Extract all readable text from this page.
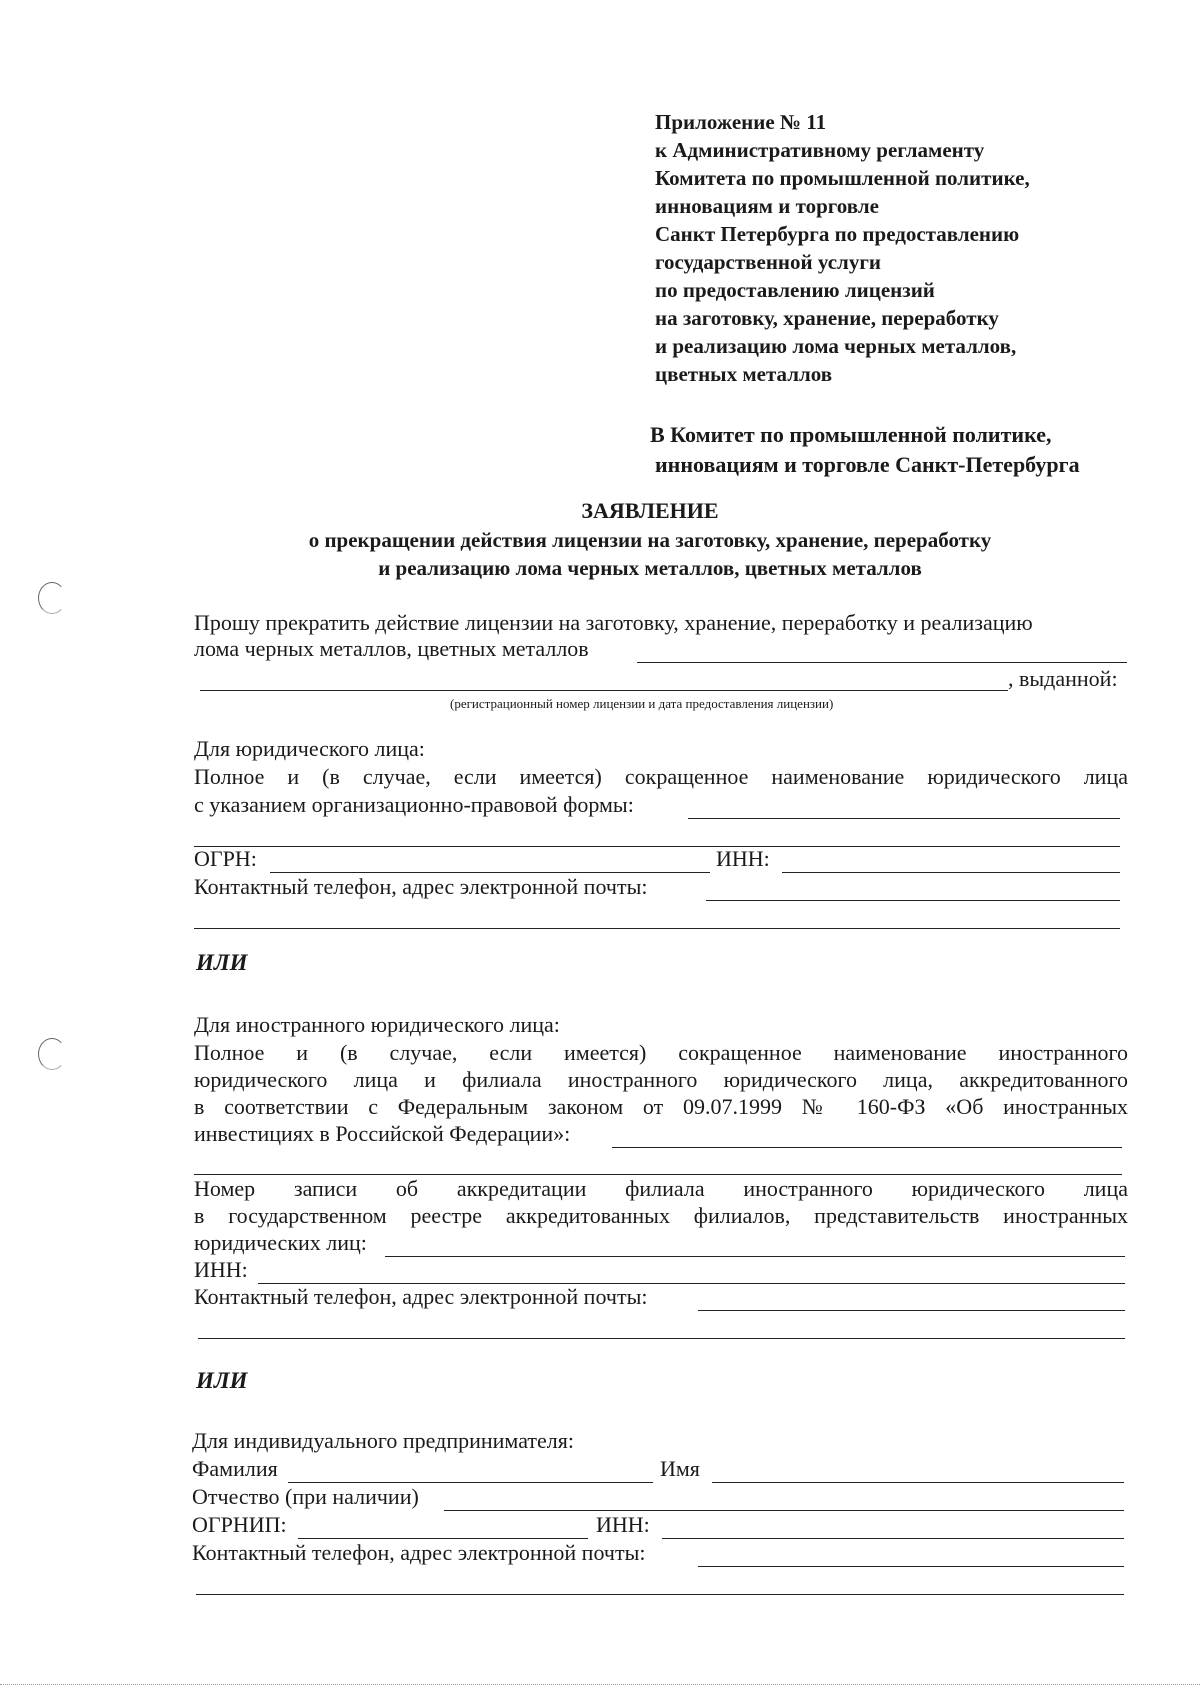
Приложение № 11
к Административному регламенту
Комитета по промышленной политике,
инновациям и торговле
Санкт Петербурга по предоставлению
государственной услуги
по предоставлению лицензий
на заготовку, хранение, переработку
и реализацию лома черных металлов,
цветных металлов
В Комитет по промышленной политике,
инновациям и торговле Санкт-Петербурга
ЗАЯВЛЕНИЕ
о прекращении действия лицензии на заготовку, хранение, переработку
и реализацию лома черных металлов, цветных металлов
Прошу прекратить действие лицензии на заготовку, хранение, переработку и реализацию
лома черных металлов, цветных металлов
, выданной:
(регистрационный номер лицензии и дата предоставления лицензии)
Для юридического лица:
Полное и (в случае, если имеется) сокращенное наименование юридического лица
с указанием организационно-правовой формы:
ОГРН:	ИНН:
Контактный телефон, адрес электронной почты:
ИЛИ
Для иностранного юридического лица:
Полное и (в случае, если имеется) сокращенное наименование иностранного
юридического лица и филиала иностранного юридического лица, аккредитованного
в соответствии с Федеральным законом от 09.07.1999 № 160-ФЗ «Об иностранных
инвестициях в Российской Федерации»:
Номер записи об аккредитации филиала иностранного юридического лица
в государственном реестре аккредитованных филиалов, представительств иностранных
юридических лиц:
ИНН:
Контактный телефон, адрес электронной почты:
ИЛИ
Для индивидуального предпринимателя:
Фамилия	Имя
Отчество (при наличии)
ОГРНИП:	ИНН:
Контактный телефон, адрес электронной почты:
